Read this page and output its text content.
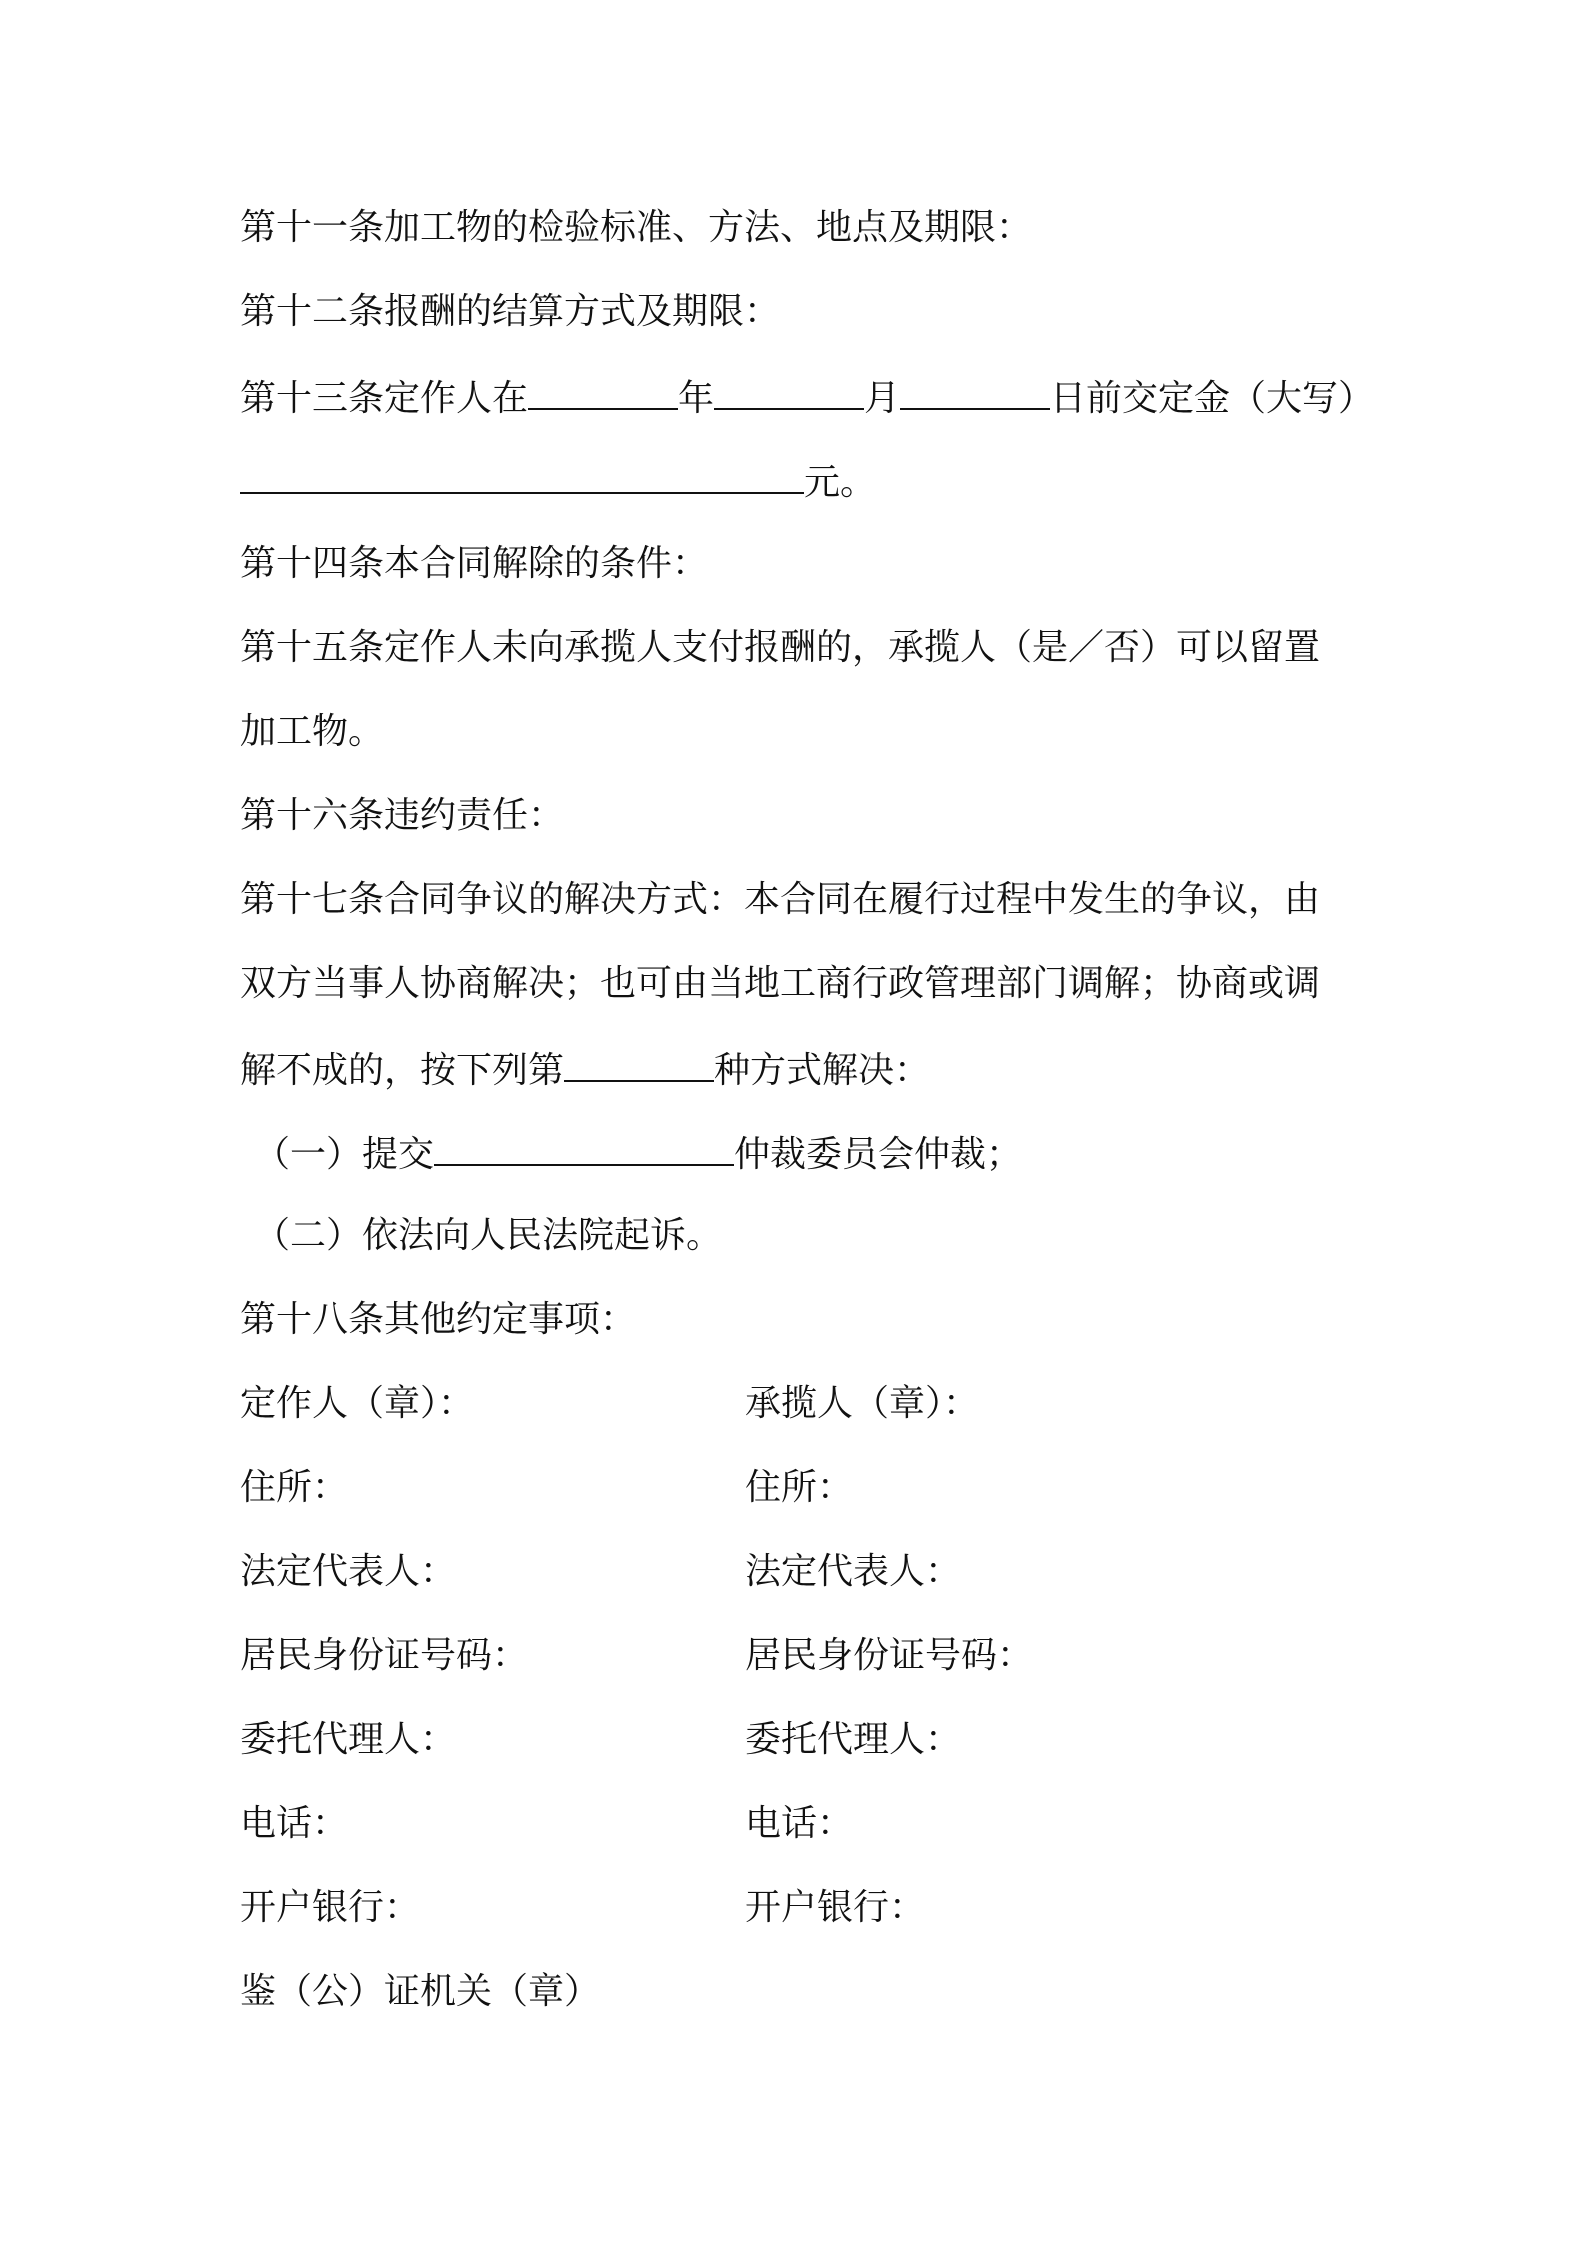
第十一条加工物的检验标准、方法、地点及期限：
第十二条报酬的结算方式及期限：
第十三条定作人在	年	月	日前交定金（大写）
元。
第十四条本合同解除的条件：
第十五条定作人未向承揽人支付报酬的，承揽人（是／否）可以留置
加工物。
第十六条违约责任：
第十七条合同争议的解决方式：本合同在履行过程中发生的争议，由
双方当事人协商解决；也可由当地工商行政管理部门调解；协商或调
解不成的，按下列第	种方式解决：
（一）提交	仲裁委员会仲裁；
（二）依法向人民法院起诉。
第十八条其他约定事项：
定作人（章）：	承揽人（章）：
住所：	住所：
法定代表人：	法定代表人：
居民身份证号码：	居民身份证号码：
委托代理人：	委托代理人：
电话：	电话：
开户银行：	开户银行：
鉴（公）证机关（章）
